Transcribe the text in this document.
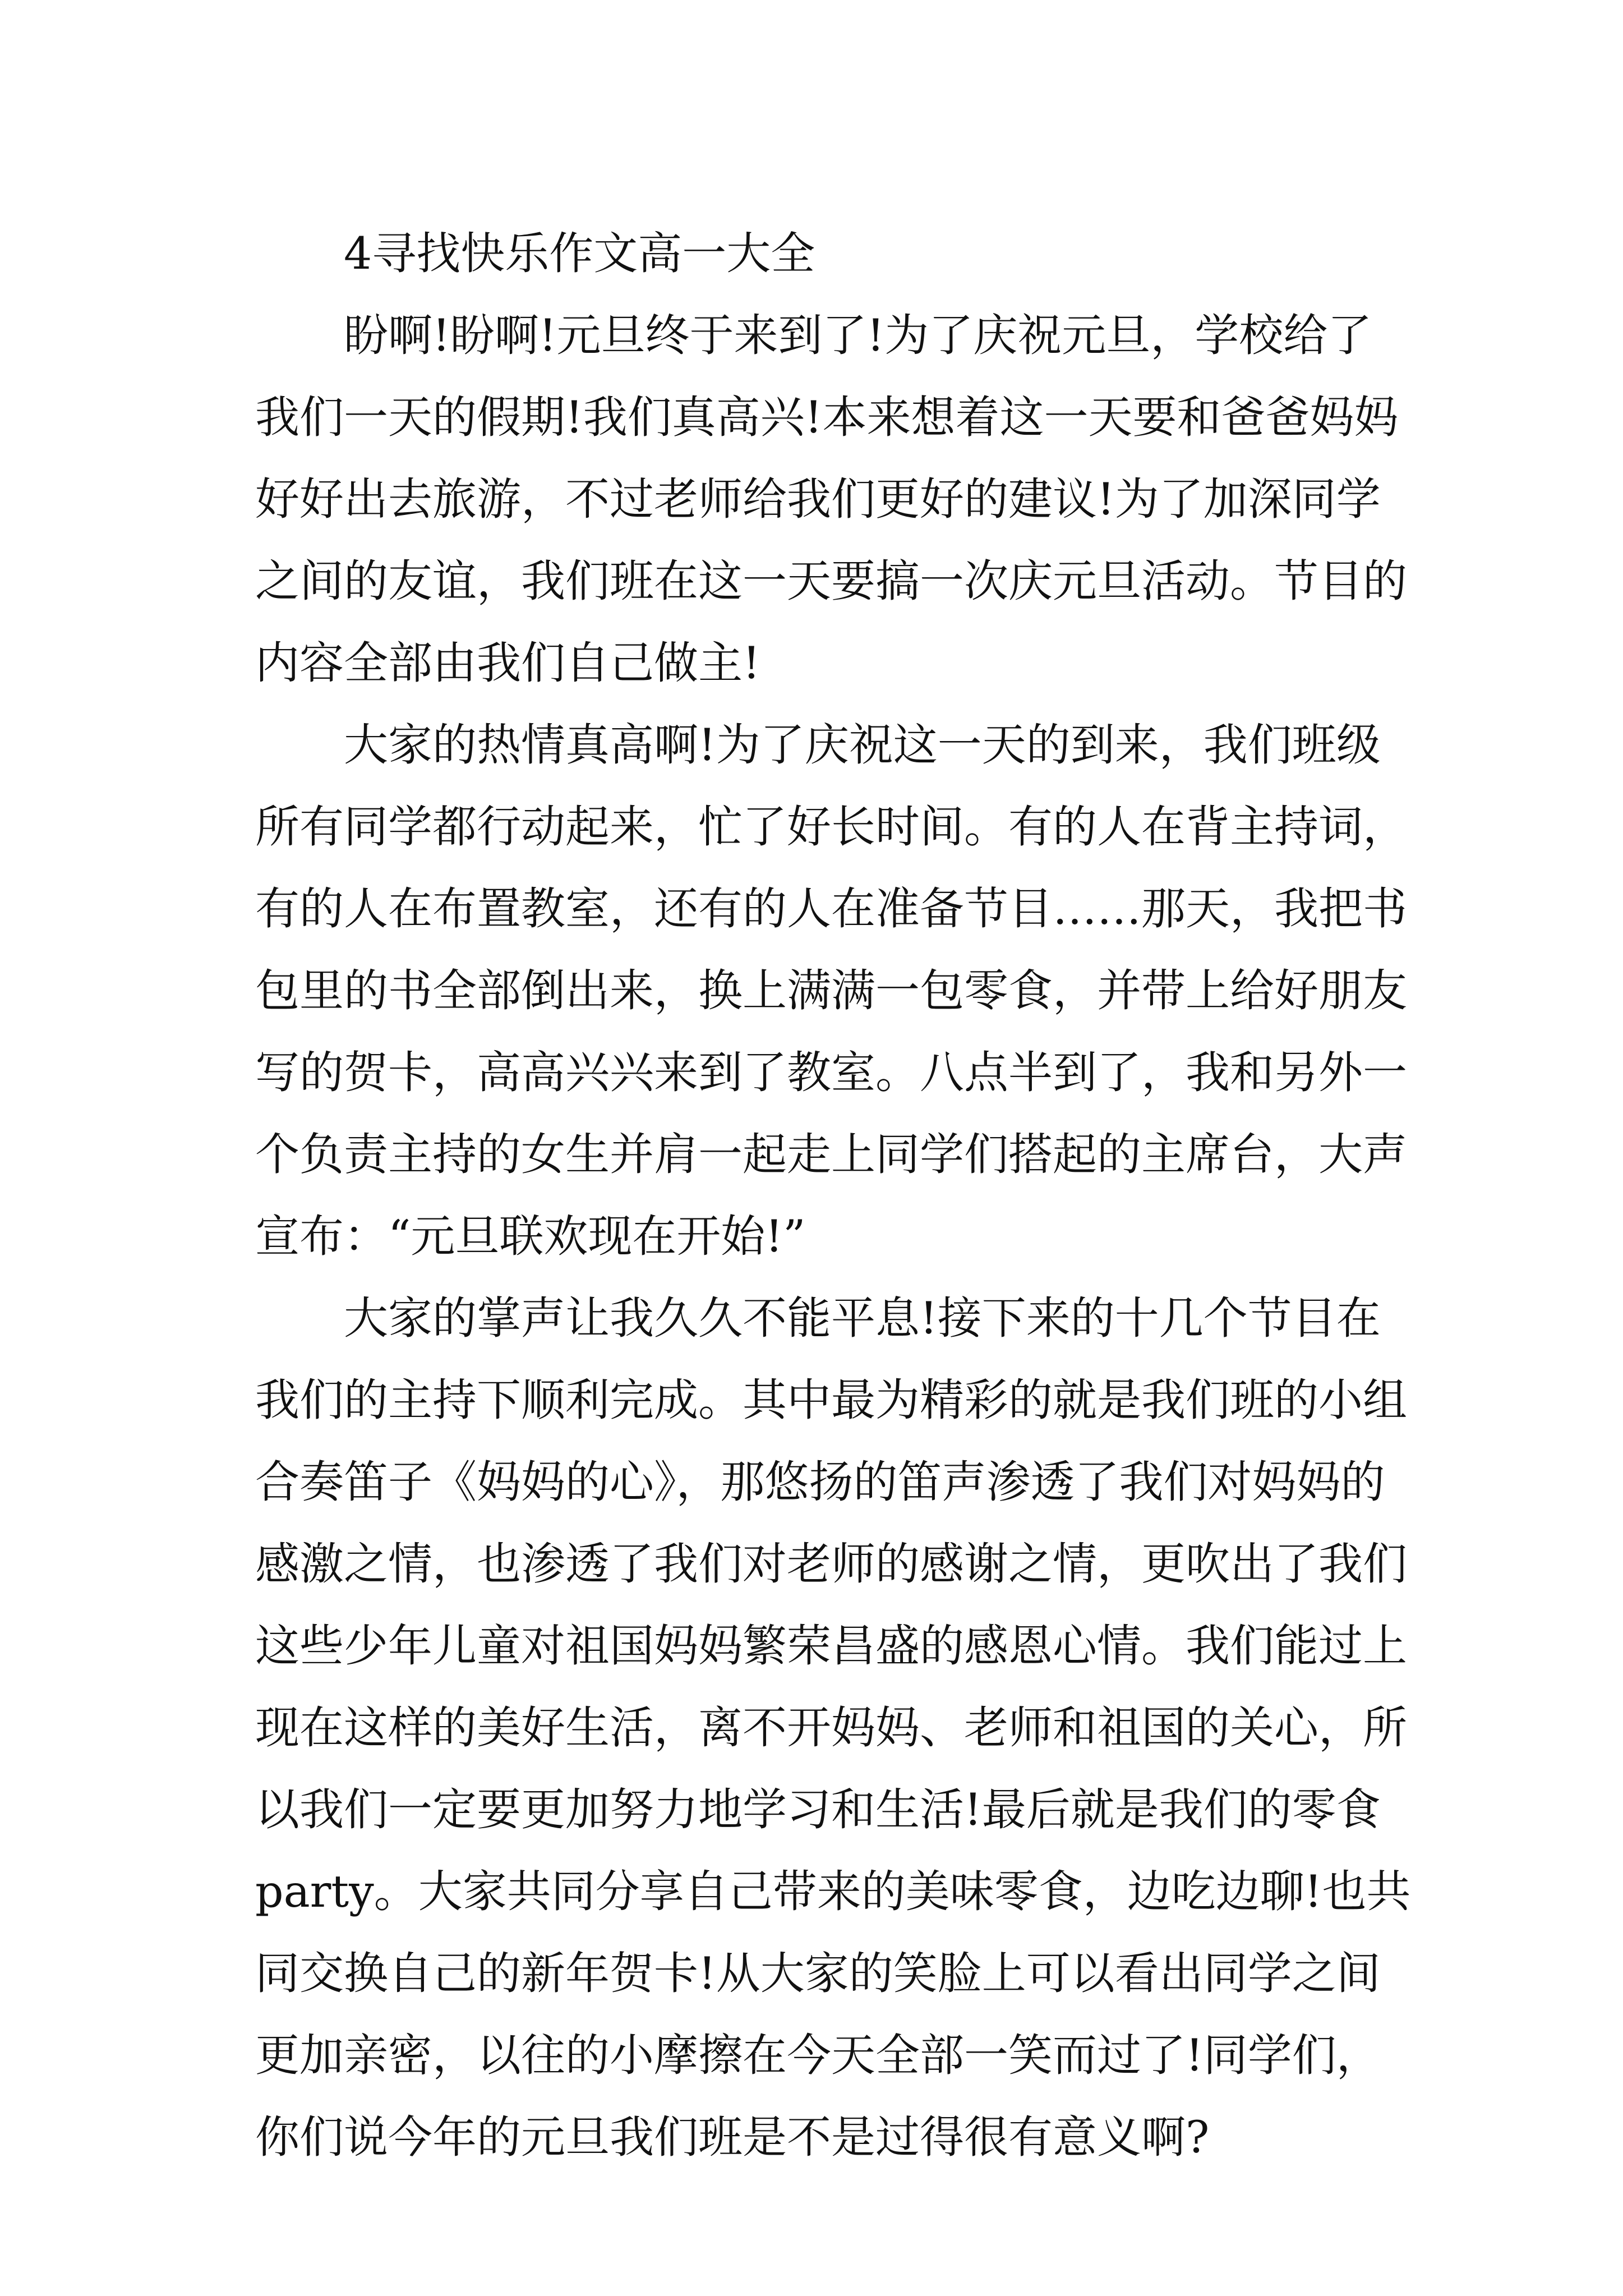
4寻找快乐作文高一大全
盼啊!盼啊!元旦终于来到了!为了庆祝元旦，学校给了
我们一天的假期!我们真高兴!本来想着这一天要和爸爸妈妈
好好出去旅游，不过老师给我们更好的建议!为了加深同学
之间的友谊，我们班在这一天要搞一次庆元旦活动。节目的
内容全部由我们自己做主!
大家的热情真高啊!为了庆祝这一天的到来，我们班级
所有同学都行动起来，忙了好长时间。有的人在背主持词，
有的人在布置教室，还有的人在准备节目……那天，我把书
包里的书全部倒出来，换上满满一包零食，并带上给好朋友
写的贺卡，高高兴兴来到了教室。八点半到了，我和另外一
个负责主持的女生并肩一起走上同学们搭起的主席台，大声
宣布：“元旦联欢现在开始!”
大家的掌声让我久久不能平息!接下来的十几个节目在
我们的主持下顺利完成。其中最为精彩的就是我们班的小组
合奏笛子《妈妈的心》，那悠扬的笛声渗透了我们对妈妈的
感激之情，也渗透了我们对老师的感谢之情，更吹出了我们
这些少年儿童对祖国妈妈繁荣昌盛的感恩心情。我们能过上
现在这样的美好生活，离不开妈妈、老师和祖国的关心，所
以我们一定要更加努力地学习和生活!最后就是我们的零食
party。大家共同分享自己带来的美味零食，边吃边聊!也共
同交换自己的新年贺卡!从大家的笑脸上可以看出同学之间
更加亲密，以往的小摩擦在今天全部一笑而过了!同学们，
你们说今年的元旦我们班是不是过得很有意义啊?
